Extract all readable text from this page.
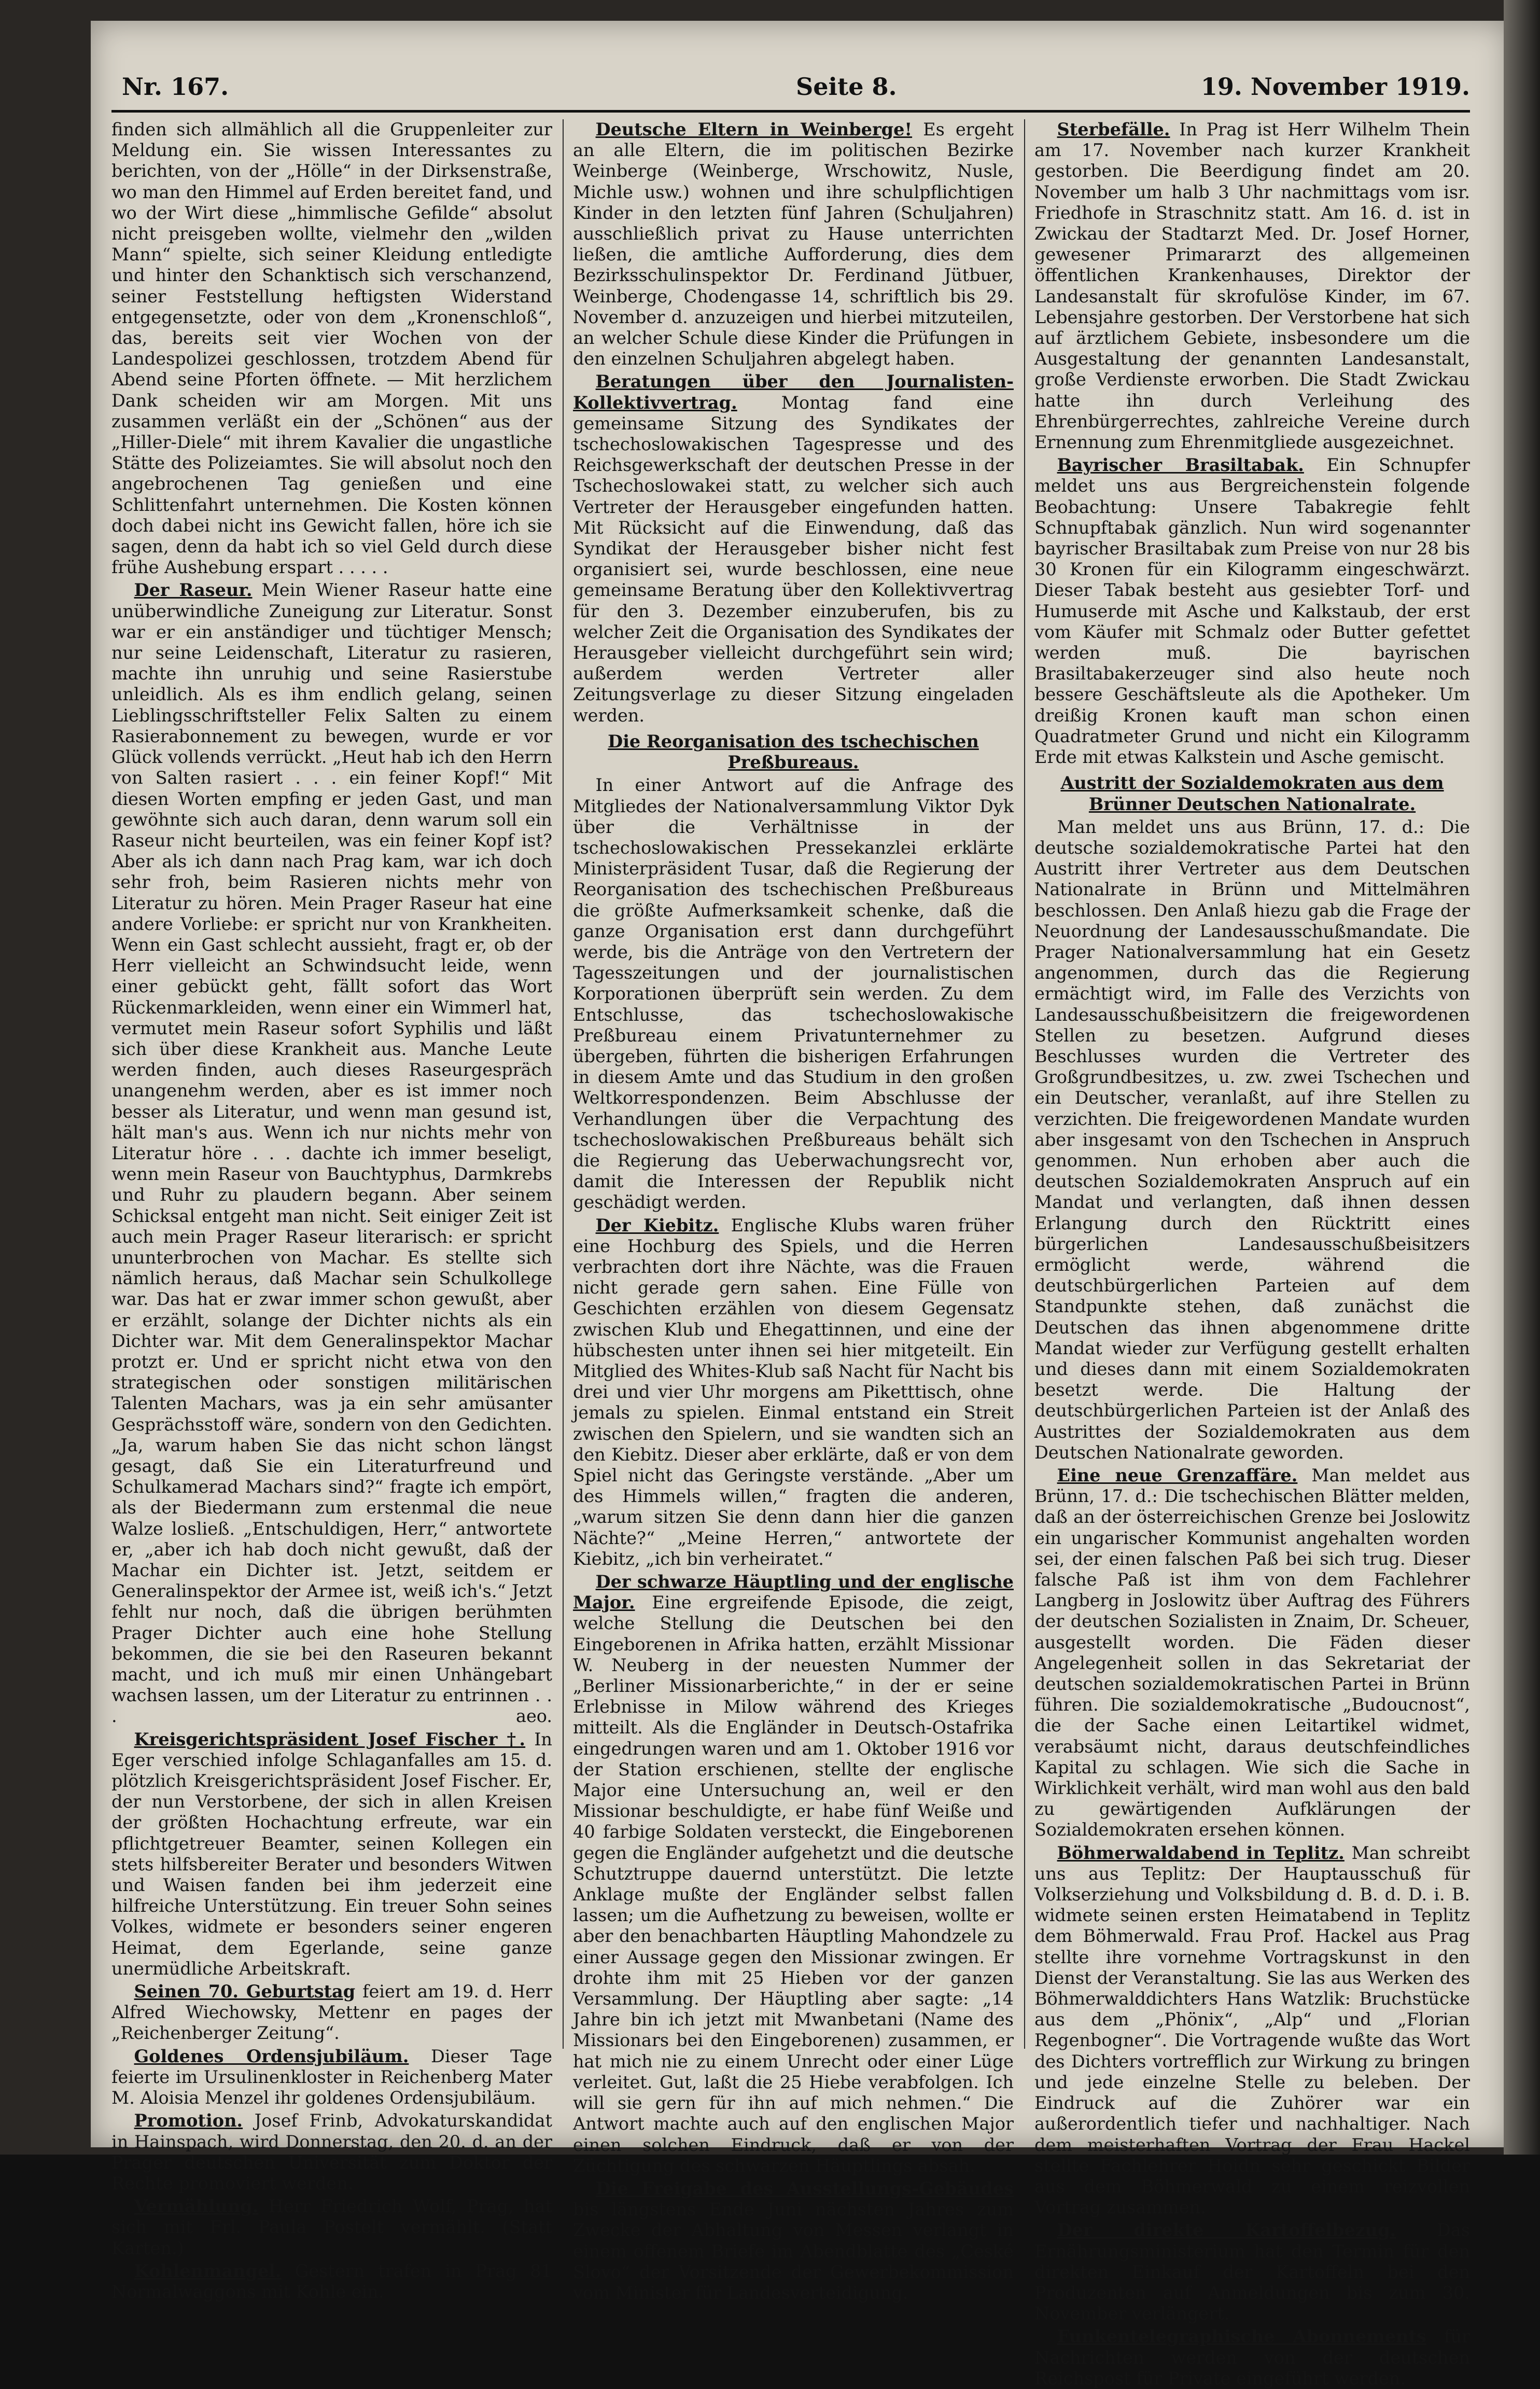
Nr. 167.	Seite 8.	19. November 1919.

finden sich allmählich all die Gruppenleiter zur Meldung ein. Sie wissen Interessantes zu berichten, von der „Hölle“ in der Dirksenstraße, wo man den Himmel auf Erden bereitet fand, und wo der Wirt diese „himmlische Gefilde“ absolut nicht preisgeben wollte, vielmehr den „wilden Mann“ spielte, sich seiner Kleidung entledigte und hinter den Schanktisch sich verschanzend, seiner Feststellung heftigsten Widerstand entgegensetzte, oder von dem „Kronenschloß“, das, bereits seit vier Wochen von der Landespolizei geschlossen, trotzdem Abend für Abend seine Pforten öffnete. — Mit herzlichem Dank scheiden wir am Morgen. Mit uns zusammen verläßt ein der „Schönen“ aus der „Hiller-Diele“ mit ihrem Kavalier die ungastliche Stätte des Polizeiamtes. Sie will absolut noch den angebrochenen Tag genießen und eine Schlittenfahrt unternehmen. Die Kosten können doch dabei nicht ins Gewicht fallen, höre ich sie sagen, denn da habt ich so viel Geld durch diese frühe Aushebung erspart . . . . .

Der Raseur. Mein Wiener Raseur hatte eine unüberwindliche Zuneigung zur Literatur. Sonst war er ein anständiger und tüchtiger Mensch; nur seine Leidenschaft, Literatur zu rasieren, machte ihn unruhig und seine Rasierstube unleidlich. Als es ihm endlich gelang, seinen Lieblingsschriftsteller Felix Salten zu einem Rasierabonnement zu bewegen, wurde er vor Glück vollends verrückt. „Heut hab ich den Herrn von Salten rasiert . . . ein feiner Kopf!“ Mit diesen Worten empfing er jeden Gast, und man gewöhnte sich auch daran, denn warum soll ein Raseur nicht beurteilen, was ein feiner Kopf ist? Aber als ich dann nach Prag kam, war ich doch sehr froh, beim Rasieren nichts mehr von Literatur zu hören. Mein Prager Raseur hat eine andere Vorliebe: er spricht nur von Krankheiten. Wenn ein Gast schlecht aussieht, fragt er, ob der Herr vielleicht an Schwindsucht leide, wenn einer gebückt geht, fällt sofort das Wort Rückenmarkleiden, wenn einer ein Wimmerl hat, vermutet mein Raseur sofort Syphilis und läßt sich über diese Krankheit aus. Manche Leute werden finden, auch dieses Raseurgespräch unangenehm werden, aber es ist immer noch besser als Literatur, und wenn man gesund ist, hält man's aus. Wenn ich nur nichts mehr von Literatur höre . . . dachte ich immer beseligt, wenn mein Raseur von Bauchtyphus, Darmkrebs und Ruhr zu plaudern begann. Aber seinem Schicksal entgeht man nicht. Seit einiger Zeit ist auch mein Prager Raseur literarisch: er spricht ununterbrochen von Machar. Es stellte sich nämlich heraus, daß Machar sein Schulkollege war. Das hat er zwar immer schon gewußt, aber er erzählt, solange der Dichter nichts als ein Dichter war. Mit dem Generalinspektor Machar protzt er. Und er spricht nicht etwa von den strategischen oder sonstigen militärischen Talenten Machars, was ja ein sehr amüsanter Gesprächsstoff wäre, sondern von den Gedichten. „Ja, warum haben Sie das nicht schon längst gesagt, daß Sie ein Literaturfreund und Schulkamerad Machars sind?“ fragte ich empört, als der Biedermann zum erstenmal die neue Walze losließ. „Entschuldigen, Herr,“ antwortete er, „aber ich hab doch nicht gewußt, daß der Machar ein Dichter ist. Jetzt, seitdem er Generalinspektor der Armee ist, weiß ich's.“ Jetzt fehlt nur noch, daß die übrigen berühmten Prager Dichter auch eine hohe Stellung bekommen, die sie bei den Raseuren bekannt macht, und ich muß mir einen Unhängebart wachsen lassen, um der Literatur zu entrinnen . . .	aeo.

Kreisgerichtspräsident Josef Fischer †. In Eger verschied infolge Schlaganfalles am 15. d. plötzlich Kreisgerichtspräsident Josef Fischer. Er, der nun Verstorbene, der sich in allen Kreisen der größten Hochachtung erfreute, war ein pflichtgetreuer Beamter, seinen Kollegen ein stets hilfsbereiter Berater und besonders Witwen und Waisen fanden bei ihm jederzeit eine hilfreiche Unterstützung. Ein treuer Sohn seines Volkes, widmete er besonders seiner engeren Heimat, dem Egerlande, seine ganze unermüdliche Arbeitskraft.

Seinen 70. Geburtstag feiert am 19. d. Herr Alfred Wiechowsky, Mettenr en pages der „Reichenberger Zeitung“.

Goldenes Ordensjubiläum. Dieser Tage feierte im Ursulinenkloster in Reichenberg Mater M. Aloisia Menzel ihr goldenes Ordensjubiläum.

Promotion. Josef Frinb, Advokaturskandidat in Hainspach, wird Donnerstag, den 20. d. an der Prager deutschen Universität zum Doktor der Rechte promoviert werden.

Vermählung. Herr Friedrich Wolf, Prag, hat sich mit Frl. Paula Postelt vermählt. (Statt Karten.)

Kohlenmangel. Gestern trafen in Prag 81 Normalwaggons mit Kohle ein.

Deutsche Eltern in Weinberge! Es ergeht an alle Eltern, die im politischen Bezirke Weinberge (Weinberge, Wrschowitz, Nusle, Michle usw.) wohnen und ihre schulpflichtigen Kinder in den letzten fünf Jahren (Schuljahren) ausschließlich privat zu Hause unterrichten ließen, die amtliche Aufforderung, dies dem Bezirksschulinspektor Dr. Ferdinand Jütbuer, Weinberge, Chodengasse 14, schriftlich bis 29. November d. anzuzeigen und hierbei mitzuteilen, an welcher Schule diese Kinder die Prüfungen in den einzelnen Schuljahren abgelegt haben.

Beratungen über den Journalisten-Kollektivvertrag.	Montag fand eine gemeinsame Sitzung des Syndikates der tschechoslowakischen Tagespresse und des Reichsgewerkschaft der deutschen Presse in der Tschechoslowakei statt, zu welcher sich auch Vertreter der Herausgeber eingefunden hatten. Mit Rücksicht auf die Einwendung, daß das Syndikat der Herausgeber bisher nicht fest organisiert sei, wurde beschlossen, eine neue gemeinsame Beratung über den Kollektivvertrag für den 3. Dezember einzuberufen, bis zu welcher Zeit die Organisation des Syndikates der Herausgeber vielleicht durchgeführt sein wird; außerdem werden Vertreter aller Zeitungsverlage zu dieser Sitzung eingeladen werden.

Die Reorganisation des tschechischen Preßbureaus.

In einer Antwort auf die Anfrage des Mitgliedes der Nationalversammlung Viktor Dyk über die Verhältnisse in der tschechoslowakischen Pressekanzlei erklärte Ministerpräsident Tusar, daß die Regierung der Reorganisation des tschechischen Preßbureaus die größte Aufmerksamkeit schenke, daß die ganze Organisation erst dann durchgeführt werde, bis die Anträge von den Vertretern der Tagesszeitungen und der journalistischen Korporationen überprüft sein werden. Zu dem Entschlusse, das tschechoslowakische Preßbureau einem Privatunternehmer zu übergeben, führten die bisherigen Erfahrungen in diesem Amte und das Studium in den großen Weltkorrespondenzen. Beim Abschlusse der Verhandlungen über die Verpachtung des tschechoslowakischen Preßbureaus behält sich die Regierung das Ueberwachungsrecht vor, damit die Interessen der Republik nicht geschädigt werden.

Der Kiebitz. Englische Klubs waren früher eine Hochburg des Spiels, und die Herren verbrachten dort ihre Nächte, was die Frauen nicht gerade gern sahen. Eine Fülle von Geschichten erzählen von diesem Gegensatz zwischen Klub und Ehegattinnen, und eine der hübschesten unter ihnen sei hier mitgeteilt. Ein Mitglied des Whites-Klub saß Nacht für Nacht bis drei und vier Uhr morgens am Piketttisch, ohne jemals zu spielen. Einmal entstand ein Streit zwischen den Spielern, und sie wandten sich an den Kiebitz. Dieser aber erklärte, daß er von dem Spiel nicht das Geringste verstände. „Aber um des Himmels willen,“ fragten die anderen, „warum sitzen Sie denn dann hier die ganzen Nächte?“ „Meine Herren,“ antwortete der Kiebitz, „ich bin verheiratet.“

Der schwarze Häuptling und der englische Major. Eine ergreifende Episode, die zeigt, welche Stellung die Deutschen bei den Eingeborenen in Afrika hatten, erzählt Missionar W. Neuberg in der neuesten Nummer der „Berliner Missionarberichte,“ in der er seine Erlebnisse in Milow während des Krieges mitteilt. Als die Engländer in Deutsch-Ostafrika eingedrungen waren und am 1. Oktober 1916 vor der Station erschienen, stellte der englische Major eine Untersuchung an, weil er den Missionar beschuldigte, er habe fünf Weiße und 40 farbige Soldaten versteckt, die Eingeborenen gegen die Engländer aufgehetzt und die deutsche Schutztruppe dauernd unterstützt. Die letzte Anklage mußte der Engländer selbst fallen lassen; um die Aufhetzung zu beweisen, wollte er aber den benachbarten Häuptling Mahondzele zu einer Aussage gegen den Missionar zwingen. Er drohte ihm mit 25 Hieben vor der ganzen Versammlung. Der Häuptling aber sagte: „14 Jahre bin ich jetzt mit Mwanbetani (Name des Missionars bei den Eingeborenen) zusammen, er hat mich nie zu einem Unrecht oder einer Lüge verleitet. Gut, laßt die 25 Hiebe verabfolgen. Ich will sie gern für ihn auf mich nehmen.“ Die Antwort machte auch auf den englischen Major einen solchen Eindruck, daß er von der Züchtigung des schwarzen Häuptlings absah.

Die Freigabe des Ausstellungs-Gebäudes bis längstens Ende Juni nächsten Jahres zum Zwecke der Abhaltung von Messen verlangt in einem offenem Briefe im Abendblatte des „Ceské Slovo“ der Vorsitzende der Gewerbekommission vom Minister für Landesverteidigung.

Sterbefälle. In Prag ist Herr Wilhelm Thein am 17. November nach kurzer Krankheit gestorben. Die Beerdigung findet am 20. November um halb 3 Uhr nachmittags vom isr. Friedhofe in Straschnitz statt. Am 16. d. ist in Zwickau der Stadtarzt Med. Dr. Josef Horner, gewesener Primararzt des allgemeinen öffentlichen Krankenhauses, Direktor der Landesanstalt für skrofulöse Kinder, im 67. Lebensjahre gestorben. Der Verstorbene hat sich auf ärztlichem Gebiete, insbesondere um die Ausgestaltung der genannten Landesanstalt, große Verdienste erworben. Die Stadt Zwickau hatte ihn durch Verleihung des Ehrenbürgerrechtes, zahlreiche Vereine durch Ernennung zum Ehrenmitgliede ausgezeichnet.

Bayrischer Brasiltabak. Ein Schnupfer meldet uns aus Bergreichenstein folgende Beobachtung: Unsere Tabakregie fehlt Schnupftabak gänzlich. Nun wird sogenannter bayrischer Brasiltabak zum Preise von nur 28 bis 30 Kronen für ein Kilogramm eingeschwärzt. Dieser Tabak besteht aus gesiebter Torf- und Humuserde mit Asche und Kalkstaub, der erst vom Käufer mit Schmalz oder Butter gefettet werden muß. Die bayrischen Brasiltabakerzeuger sind also heute noch bessere Geschäftsleute als die Apotheker. Um dreißig Kronen kauft man schon einen Quadratmeter Grund und nicht ein Kilogramm Erde mit etwas Kalkstein und Asche gemischt.

Austritt der Sozialdemokraten aus dem Brünner Deutschen Nationalrate.

Man meldet uns aus Brünn, 17. d.: Die deutsche sozialdemokratische Partei hat den Austritt ihrer Vertreter aus dem Deutschen Nationalrate in Brünn und Mittelmähren beschlossen. Den Anlaß hiezu gab die Frage der Neuordnung der Landesausschußmandate. Die Prager Nationalversammlung hat ein Gesetz angenommen, durch das die Regierung ermächtigt wird, im Falle des Verzichts von Landesausschußbeisitzern die freigewordenen Stellen zu besetzen. Aufgrund dieses Beschlusses wurden die Vertreter des Großgrundbesitzes, u. zw. zwei Tschechen und ein Deutscher, veranlaßt, auf ihre Stellen zu verzichten. Die freigewordenen Mandate wurden aber insgesamt von den Tschechen in Anspruch genommen. Nun erhoben aber auch die deutschen Sozialdemokraten Anspruch auf ein Mandat und verlangten, daß ihnen dessen Erlangung durch den Rücktritt eines bürgerlichen Landesausschußbeisitzers ermöglicht werde, während die deutschbürgerlichen Parteien auf dem Standpunkte stehen, daß zunächst die Deutschen das ihnen abgenommene dritte Mandat wieder zur Verfügung gestellt erhalten und dieses dann mit einem Sozialdemokraten besetzt werde. Die Haltung der deutschbürgerlichen Parteien ist der Anlaß des Austrittes der Sozialdemokraten aus dem Deutschen Nationalrate geworden.

Eine neue Grenzaffäre. Man meldet aus Brünn, 17. d.: Die tschechischen Blätter melden, daß an der österreichischen Grenze bei Joslowitz ein ungarischer Kommunist angehalten worden sei, der einen falschen Paß bei sich trug. Dieser falsche Paß ist ihm von dem Fachlehrer Langberg in Joslowitz über Auftrag des Führers der deutschen Sozialisten in Znaim, Dr. Scheuer, ausgestellt worden. Die Fäden dieser Angelegenheit sollen in das Sekretariat der deutschen sozialdemokratischen Partei in Brünn führen. Die sozialdemokratische „Budoucnost“, die der Sache einen Leitartikel widmet, verabsäumt nicht, daraus deutschfeindliches Kapital zu schlagen. Wie sich die Sache in Wirklichkeit verhält, wird man wohl aus den bald zu gewärtigenden Aufklärungen der Sozialdemokraten ersehen können.

Böhmerwaldabend in Teplitz. Man schreibt uns aus Teplitz: Der Hauptausschuß für Volkserziehung und Volksbildung d. B. d. D. i. B. widmete seinen ersten Heimatabend in Teplitz dem Böhmerwald. Frau Prof. Hackel aus Prag stellte ihre vornehme Vortragskunst in den Dienst der Veranstaltung. Sie las aus Werken des Böhmerwalddichters Hans Watzlik: Bruchstücke aus dem „Phönix“, „Alp“ und „Florian Regenbogner“. Die Vortragende wußte das Wort des Dichters vortrefflich zur Wirkung zu bringen und jede einzelne Stelle zu beleben. Der Eindruck auf die Zuhörer war ein außerordentlich tiefer und nachhaltiger. Nach dem meisterhaften Vortrag der Frau Hackel stellte Fachlehrer Hoidn sehr geschickt Bilder aus dem Böhmerwald zu einem reizvollen Vortrag zusammen.

Der direkte Kartoffelbezug. Das Ernährungsministerium hat den Termin für den direkten Einkauf der Kartoffeln bei den Produzenten auf Anmeldungen bis zum 30. November verlängert.

Funkentelegraphische Abonnements für Nachrichten werden von der deutschen Reichspost für Private eingeführt werden.
